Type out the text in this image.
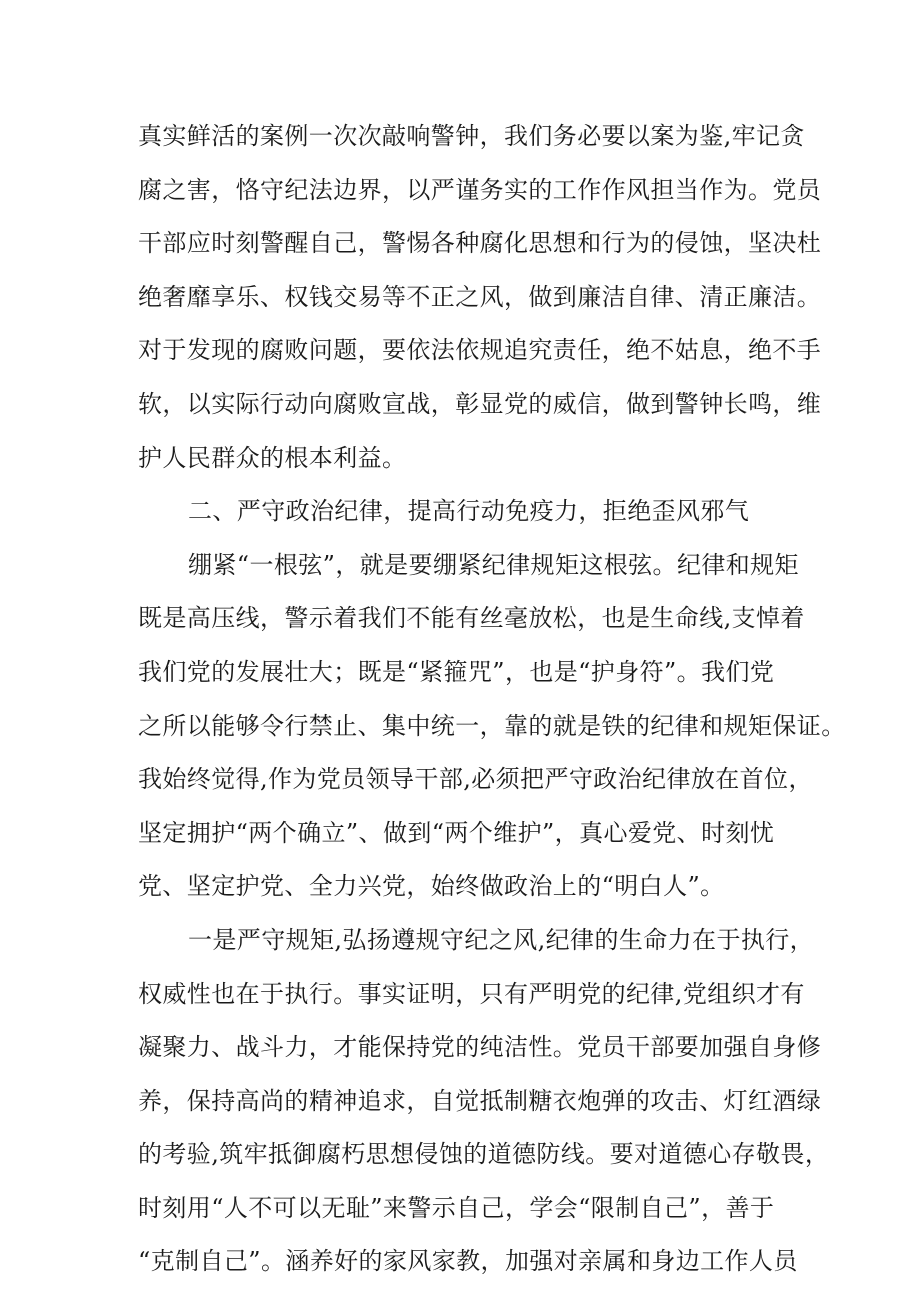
真实鲜活的案例一次次敲响警钟，我们务必要以案为鉴,牢记贪
腐之害，恪守纪法边界，以严谨务实的工作作风担当作为。党员
干部应时刻警醒自己，警惕各种腐化思想和行为的侵蚀，坚决杜
绝奢靡享乐、权钱交易等不正之风，做到廉洁自律、清正廉洁。
对于发现的腐败问题，要依法依规追究责任，绝不姑息，绝不手
软，以实际行动向腐败宣战，彰显党的威信，做到警钟长鸣，维
护人民群众的根本利益。
二、严守政治纪律，提高行动免疫力，拒绝歪风邪气
绷紧“一根弦”，就是要绷紧纪律规矩这根弦。纪律和规矩
既是高压线，警示着我们不能有丝毫放松，也是生命线,支悼着
我们党的发展壮大；既是“紧箍咒”，也是“护身符”。我们党
之所以能够令行禁止、集中统一，靠的就是铁的纪律和规矩保证。
我始终觉得,作为党员领导干部,必须把严守政治纪律放在首位，
坚定拥护“两个确立”、做到“两个维护”，真心爱党、时刻忧
党、坚定护党、全力兴党，始终做政治上的“明白人”。
一是严守规矩,弘扬遵规守纪之风,纪律的生命力在于执行，
权威性也在于执行。事实证明，只有严明党的纪律,党组织才有
凝聚力、战斗力，才能保持党的纯洁性。党员干部要加强自身修
养，保持高尚的精神追求，自觉抵制糖衣炮弹的攻击、灯红酒绿
的考验,筑牢抵御腐朽思想侵蚀的道德防线。要对道德心存敬畏，
时刻用“人不可以无耻”来警示自己，学会“限制自己”，善于
“克制自己”。涵养好的家风家教，加强对亲属和身边工作人员
